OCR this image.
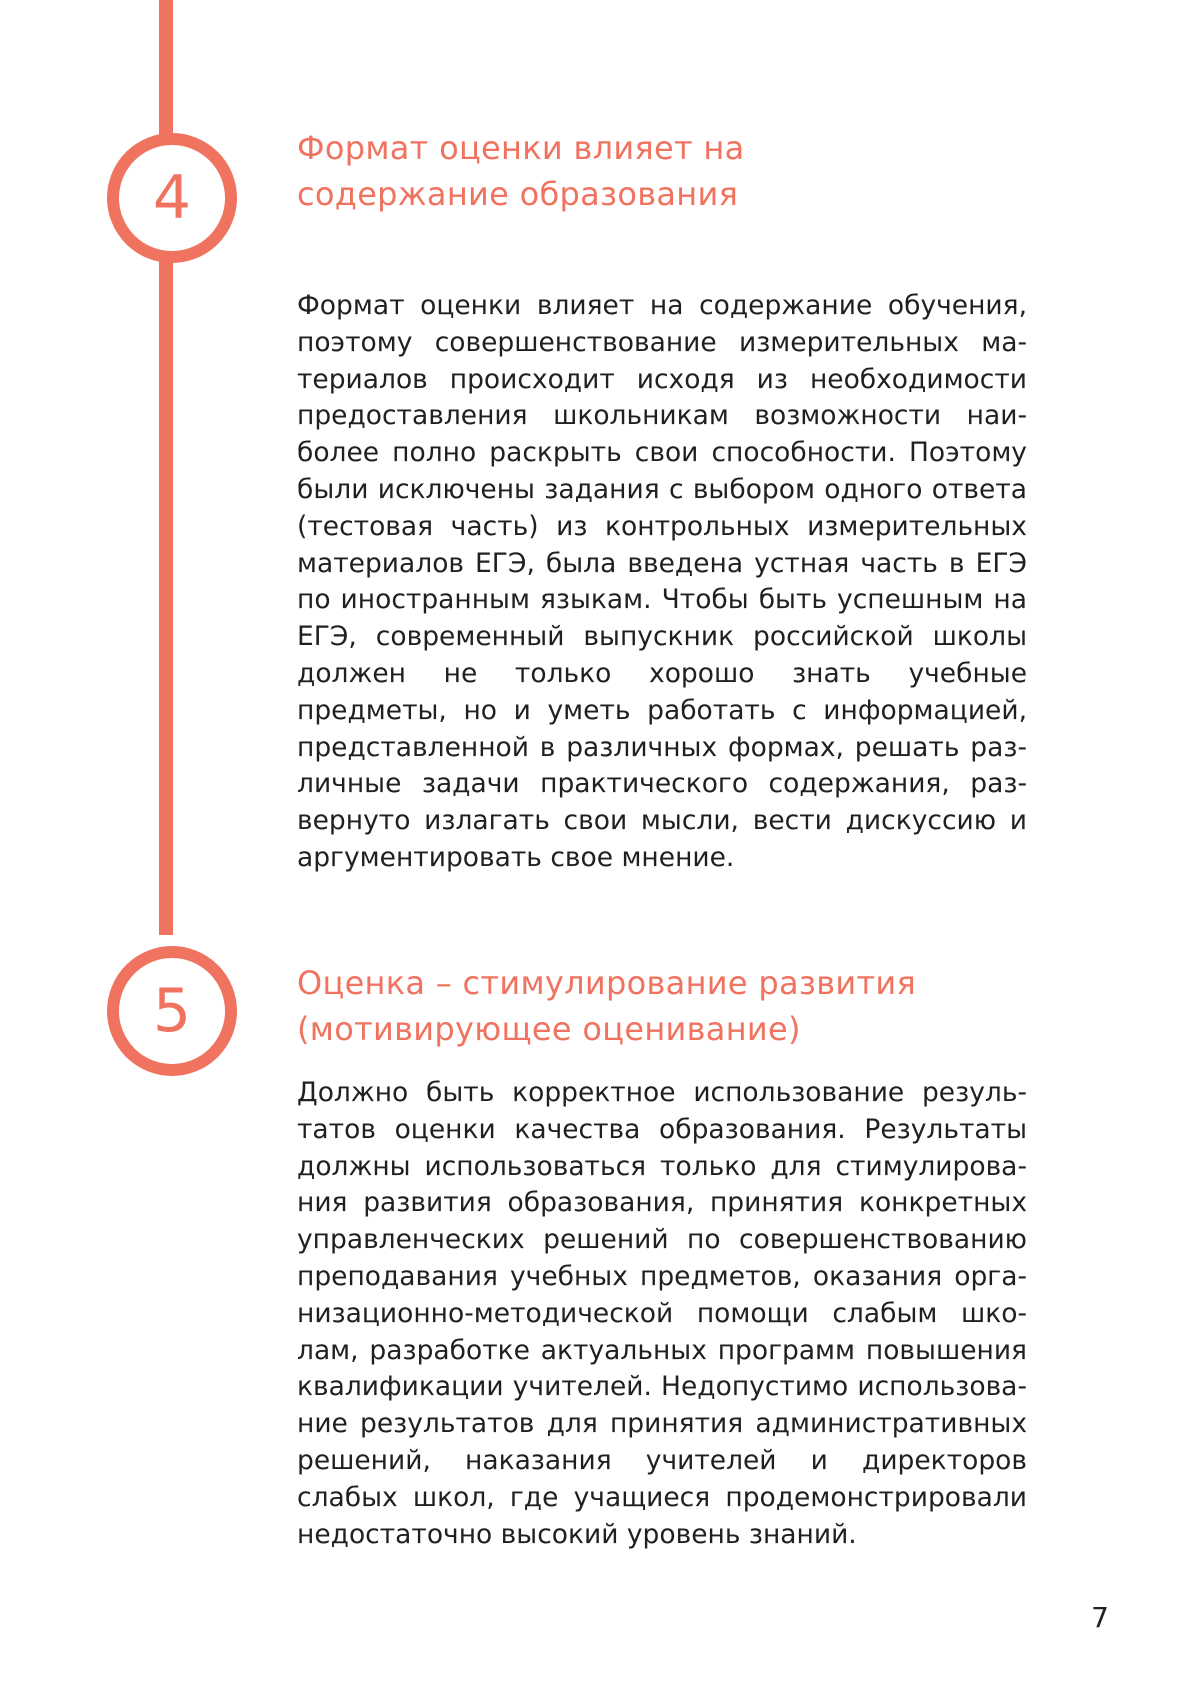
4
Формат оценки влияет на содержание образования

Формат оценки влияет на содержание обучения, поэтому совершенствование измерительных материалов происходит исходя из необходимости предоставления школьникам возможности наиболее полно раскрыть свои способности. Поэтому были исключены задания с выбором одного ответа (тестовая часть) из контрольных измерительных материалов ЕГЭ, была введена устная часть в ЕГЭ по иностранным языкам. Чтобы быть успешным на ЕГЭ, современный выпускник российской школы должен не только хорошо знать учебные предметы, но и уметь работать с информацией, представленной в различных формах, решать различные задачи практического содержания, развернуто излагать свои мысли, вести дискуссию и аргументировать свое мнение.

5	Оценка – стимулирование развития (мотивирующее оценивание)

Должно быть корректное использование результатов оценки качества образования. Результаты должны использоваться только для стимулирования развития образования, принятия конкретных управленческих решений по совершенствованию преподавания учебных предметов, оказания организационно-методической помощи слабым школам, разработке актуальных программ повышения квалификации учителей. Недопустимо использование результатов для принятия административных решений, наказания учителей и директоров слабых школ, где учащиеся продемонстрировали недостаточно высокий уровень знаний.

7
